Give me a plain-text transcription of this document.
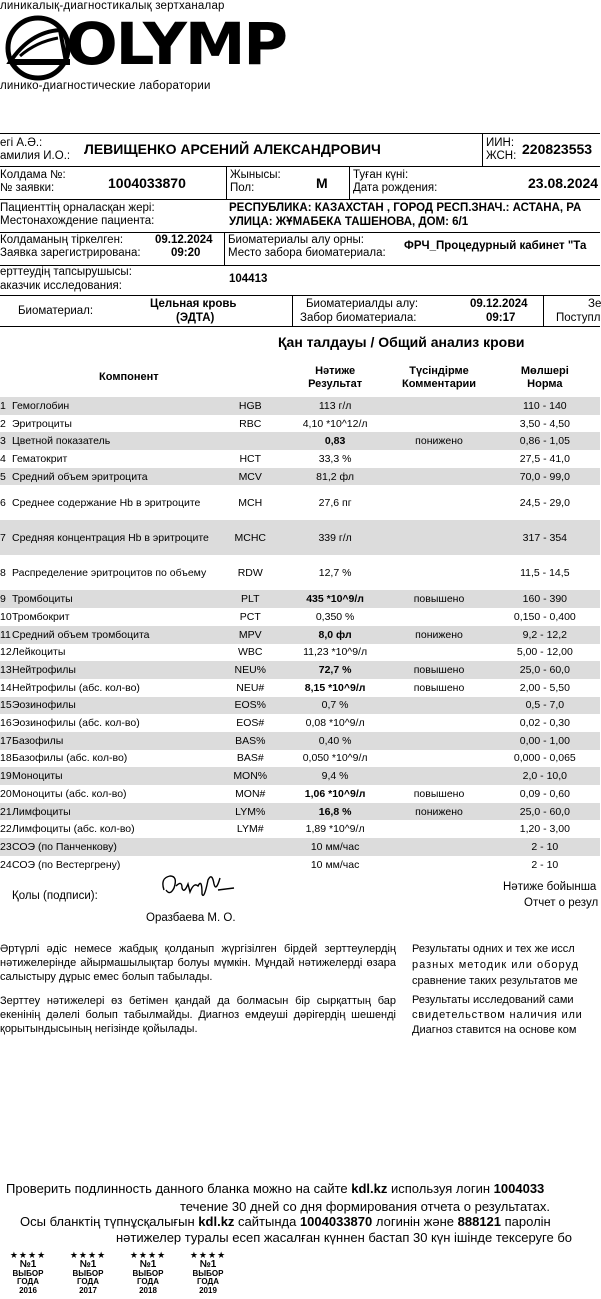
линикалық-диагностикалық зертханалар
OLYMP
линико-диагностические лаборатории
егі А.Ә.:
амилия И.О.: ЛЕВИЩЕНКО АРСЕНИЙ АЛЕКСАНДРОВИЧ	ИИН:
ЖСН: 220823553
Колдама №:
№ заявки:	1004033870	Жынысы:
Пол:	М Туған күні:
Дата рождения:	23.08.2024
Пациенттің орналасқан жері:
Местонахождение пациента:
РЕСПУБЛИКА: КАЗАХСТАН , ГОРОД РЕСП.ЗНАЧ.: АСТАНА, РА
УЛИЦА: ЖҰМАБЕКА ТАШЕНОВА, ДОМ: 6/1
Колдаманың тіркелген:
Заявка зарегистрирована:
09.12.2024
09:20
Биоматериалы алу орны:
Место забора биоматериала:
ФРЧ_Процедурный кабинет "Та
ерттеудің тапсырушысы:
аказчик исследования:
104413
Биоматериал:
Цельная кровь
(ЭДТА)
Биоматериалды алу:
Забор биоматериала:
09.12.2024
09:17
Зе
Поступл
Қан талдауы / Общий анализ крови
Компонент			Нәтиже
Результат	Түсіндірме
Комментарии	Мөлшері
Норма
1	Гемоглобин	HGB	113 г/л		110 - 140
2	Эритроциты	RBC	4,10 *10^12/л		3,50 - 4,50
3	Цветной показатель		0,83	понижено	0,86 - 1,05
4	Гематокрит	HCT	33,3 %		27,5 - 41,0
5	Средний объем эритроцита	MCV	81,2 фл		70,0 - 99,0
6	Среднее содержание Hb в эритроците	MCH	27,6 пг		24,5 - 29,0
7	Средняя концентрация Hb в эритроците	MCHC	339 г/л		317 - 354
8	Распределение эритроцитов по объему	RDW	12,7 %		11,5 - 14,5
9	Тромбоциты	PLT	435 *10^9/л	повышено	160 - 390
10	Тромбокрит	PCT	0,350 %		0,150 - 0,400
11	Средний объем тромбоцита	MPV	8,0 фл	понижено	9,2 - 12,2
12	Лейкоциты	WBC	11,23 *10^9/л		5,00 - 12,00
13	Нейтрофилы	NEU%	72,7 %	повышено	25,0 - 60,0
14	Нейтрофилы (абс. кол-во)	NEU#	8,15 *10^9/л	повышено	2,00 - 5,50
15	Эозинофилы	EOS%	0,7 %		0,5 - 7,0
16	Эозинофилы (абс. кол-во)	EOS#	0,08 *10^9/л		0,02 - 0,30
17	Базофилы	BAS%	0,40 %		0,00 - 1,00
18	Базофилы (абс. кол-во)	BAS#	0,050 *10^9/л		0,000 - 0,065
19	Моноциты	MON%	9,4 %		2,0 - 10,0
20	Моноциты (абс. кол-во)	MON#	1,06 *10^9/л	повышено	0,09 - 0,60
21	Лимфоциты	LYM%	16,8 %	понижено	25,0 - 60,0
22	Лимфоциты (абс. кол-во)	LYM#	1,89 *10^9/л		1,20 - 3,00
23	СОЭ (по Панченкову)		10 мм/час		2 - 10
24	СОЭ (по Вестергрену)		10 мм/час		2 - 10
Қолы (подписи):
Оразбаева М. О.
Нәтиже бойынша
Отчет о резул
Әртүрлі әдіс немесе жабдық қолданып жүргізілген бірдей зерттеулердің нәтижелерінде айырмашылықтар болуы мүмкін. Мұндай нәтижелерді өзара салыстыру дұрыс емес болып табылады.
Зерттеу нәтижелері өз бетімен қандай да болмасын бір сырқаттың бар екенінің дәлелі болып табылмайды. Диагноз емдеуші дәрігердің шешенді қорытындысының негізінде қойылады.
Результаты одних и тех же иссл
разных методик или оборуд
сравнение таких результатов ме
Результаты исследований сами
свидетельством наличия или
Диагноз ставится на основе ком
Проверить подлинность данного бланка можно на сайте kdl.kz используя логин 1004033
течение 30 дней со дня формирования отчета о результатах.
Осы бланктің түпнұсқалығын kdl.kz сайтында 1004033870 логинін және 888121 паролін
нәтижелер туралы есеп жасалған күннен бастап 30 күн ішінде тексеруге бо
★★★★
№1
ВЫБОР
ГОДА
2016
★★★★
№1
ВЫБОР
ГОДА
2017
★★★★
№1
ВЫБОР
ГОДА
2018
★★★★
№1
ВЫБОР
ГОДА
2019
